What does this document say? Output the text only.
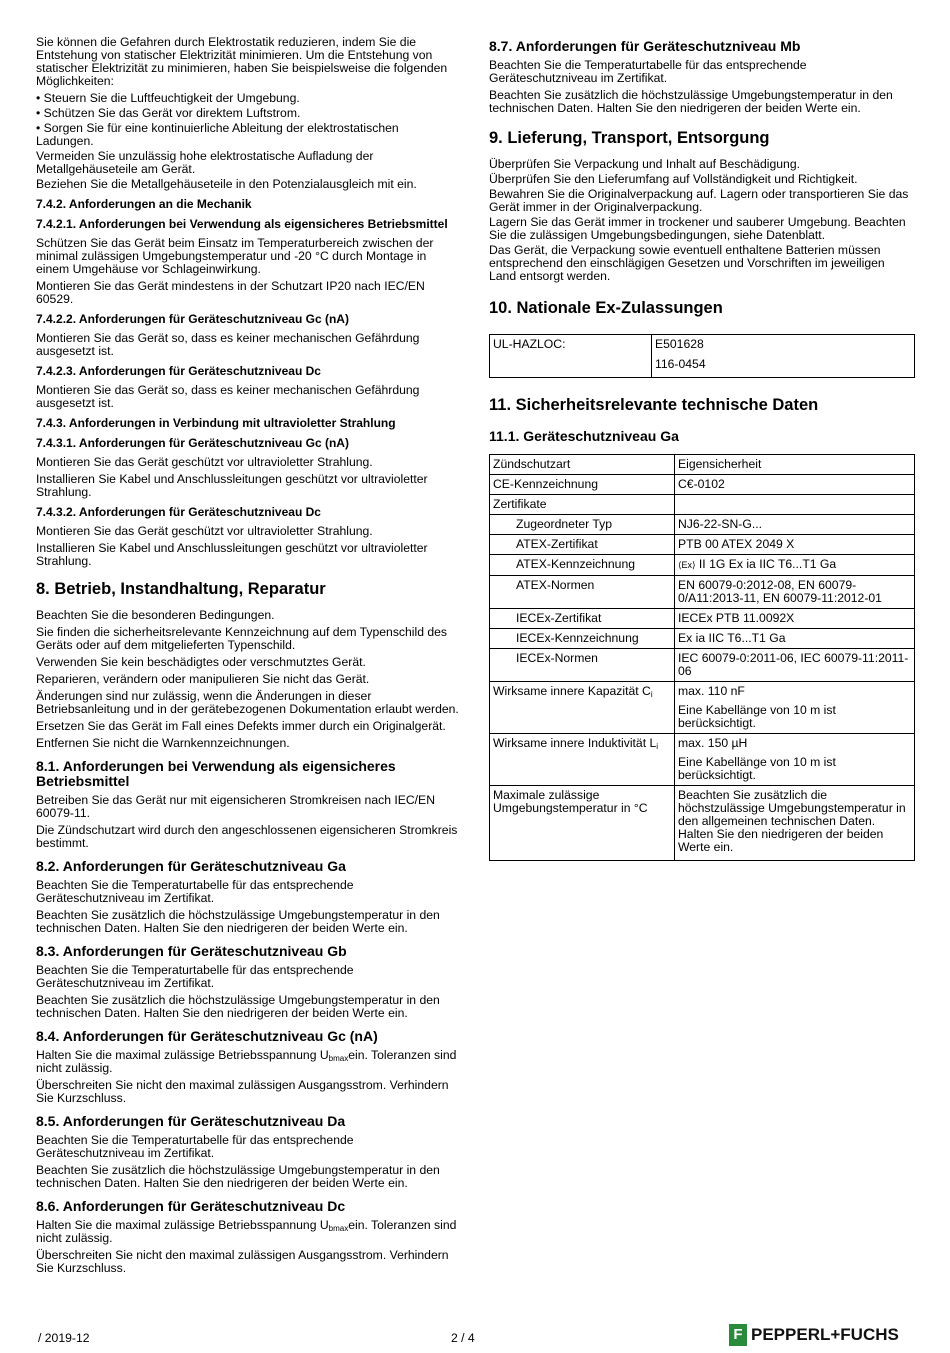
Sie können die Gefahren durch Elektrostatik reduzieren, indem Sie die Entstehung von statischer Elektrizität minimieren. Um die Entstehung von statischer Elektrizität zu minimieren, haben Sie beispielsweise die folgenden Möglichkeiten:

• Steuern Sie die Luftfeuchtigkeit der Umgebung.

• Schützen Sie das Gerät vor direktem Luftstrom.

• Sorgen Sie für eine kontinuierliche Ableitung der elektrostatischen Ladungen.

Vermeiden Sie unzulässig hohe elektrostatische Aufladung der Metallgehäuseteile am Gerät.

Beziehen Sie die Metallgehäuseteile in den Potenzialausgleich mit ein.

7.4.2. Anforderungen an die Mechanik
7.4.2.1. Anforderungen bei Verwendung als eigensicheres Betriebsmittel

Schützen Sie das Gerät beim Einsatz im Temperaturbereich zwischen der minimal zulässigen Umgebungstemperatur und -20 °C durch Montage in einem Umgehäuse vor Schlageinwirkung.

Montieren Sie das Gerät mindestens in der Schutzart IP20 nach IEC/EN 60529.

7.4.2.2. Anforderungen für Geräteschutzniveau Gc (nA)

Montieren Sie das Gerät so, dass es keiner mechanischen Gefährdung ausgesetzt ist.

7.4.2.3. Anforderungen für Geräteschutzniveau Dc

Montieren Sie das Gerät so, dass es keiner mechanischen Gefährdung ausgesetzt ist.

7.4.3. Anforderungen in Verbindung mit ultravioletter Strahlung
7.4.3.1. Anforderungen für Geräteschutzniveau Gc (nA)

Montieren Sie das Gerät geschützt vor ultravioletter Strahlung.

Installieren Sie Kabel und Anschlussleitungen geschützt vor ultravioletter Strahlung.

7.4.3.2. Anforderungen für Geräteschutzniveau Dc

Montieren Sie das Gerät geschützt vor ultravioletter Strahlung.

Installieren Sie Kabel und Anschlussleitungen geschützt vor ultravioletter Strahlung.

8. Betrieb, Instandhaltung, Reparatur

Beachten Sie die besonderen Bedingungen.

Sie finden die sicherheitsrelevante Kennzeichnung auf dem Typenschild des Geräts oder auf dem mitgelieferten Typenschild.

Verwenden Sie kein beschädigtes oder verschmutztes Gerät.

Reparieren, verändern oder manipulieren Sie nicht das Gerät.

Änderungen sind nur zulässig, wenn die Änderungen in dieser Betriebsanleitung und in der gerätebezogenen Dokumentation erlaubt werden.

Ersetzen Sie das Gerät im Fall eines Defekts immer durch ein Originalgerät.

Entfernen Sie nicht die Warnkennzeichnungen.

8.1. Anforderungen bei Verwendung als eigensicheres Betriebsmittel

Betreiben Sie das Gerät nur mit eigensicheren Stromkreisen nach IEC/EN 60079-11.

Die Zündschutzart wird durch den angeschlossenen eigensicheren Stromkreis bestimmt.

8.2. Anforderungen für Geräteschutzniveau Ga

Beachten Sie die Temperaturtabelle für das entsprechende Geräteschutzniveau im Zertifikat.

Beachten Sie zusätzlich die höchstzulässige Umgebungstemperatur in den technischen Daten. Halten Sie den niedrigeren der beiden Werte ein.

8.3. Anforderungen für Geräteschutzniveau Gb

Beachten Sie die Temperaturtabelle für das entsprechende Geräteschutzniveau im Zertifikat.

Beachten Sie zusätzlich die höchstzulässige Umgebungstemperatur in den technischen Daten. Halten Sie den niedrigeren der beiden Werte ein.

8.4. Anforderungen für Geräteschutzniveau Gc (nA)

Halten Sie die maximal zulässige Betriebsspannung $U_{bmax}ein$. Toleranzen sind nicht zulässig.

Überschreiten Sie nicht den maximal zulässigen Ausgangsstrom. Verhindern Sie Kurzschluss.

8.5. Anforderungen für Geräteschutzniveau Da

Beachten Sie die Temperaturtabelle für das entsprechende Geräteschutzniveau im Zertifikat.

Beachten Sie zusätzlich die höchstzulässige Umgebungstemperatur in den technischen Daten. Halten Sie den niedrigeren der beiden Werte ein.

8.6. Anforderungen für Geräteschutzniveau Dc

Halten Sie die maximal zulässige Betriebsspannung $U_{bmax}ein$. Toleranzen sind nicht zulässig.

Überschreiten Sie nicht den maximal zulässigen Ausgangsstrom. Verhindern Sie Kurzschluss.

8.7. Anforderungen für Geräteschutzniveau Mb

Beachten Sie die Temperaturtabelle für das entsprechende Geräteschutzniveau im Zertifikat.

Beachten Sie zusätzlich die höchstzulässige Umgebungstemperatur in den technischen Daten. Halten Sie den niedrigeren der beiden Werte ein.

9. Lieferung, Transport, Entsorgung

Überprüfen Sie Verpackung und Inhalt auf Beschädigung.

Überprüfen Sie den Lieferumfang auf Vollständigkeit und Richtigkeit.

Bewahren Sie die Originalverpackung auf. Lagern oder transportieren Sie das Gerät immer in der Originalverpackung.

Lagern Sie das Gerät immer in trockener und sauberer Umgebung. Beachten Sie die zulässigen Umgebungsbedingungen, siehe Datenblatt.

Das Gerät, die Verpackung sowie eventuell enthaltene Batterien müssen entsprechend den einschlägigen Gesetzen und Vorschriften im jeweiligen Land entsorgt werden.

10. Nationale Ex-Zulassungen
UL-HAZLOC:	E501628
116-0454
11. Sicherheitsrelevante technische Daten
11.1. Geräteschutzniveau Ga
Zündschutzart	Eigensicherheit
CE-Kennzeichnung	C€-0102
Zertifikate	
Zugeordneter Typ	NJ6-22-SN-G...
ATEX-Zertifikat	PTB 00 ATEX 2049 X
ATEX-Kennzeichnung	⟨Ex⟩ II 1G Ex ia IIC T6...T1 Ga
ATEX-Normen	EN 60079-0:2012-08, EN 60079-0/A11:2013-11, EN 60079-11:2012-01
IECEx-Zertifikat	IECEx PTB 11.0092X
IECEx-Kennzeichnung	Ex ia IIC T6...T1 Ga
IECEx-Normen	IEC 60079-0:2011-06, IEC 60079-11:2011-06
Wirksame innere Kapazität $C_i$	max. 110 nF

Eine Kabellänge von 10 m ist berücksichtigt.

Wirksame innere Induktivität $L_i$	max. 150 µH

Eine Kabellänge von 10 m ist berücksichtigt.

Maximale zulässige Umgebungstemperatur in °C	Beachten Sie zusätzlich die höchstzulässige Umgebungstemperatur in den allgemeinen technischen Daten. Halten Sie den niedrigeren der beiden Werte ein.
/ 2019-12	2 / 4	F PEPPERL+FUCHS
